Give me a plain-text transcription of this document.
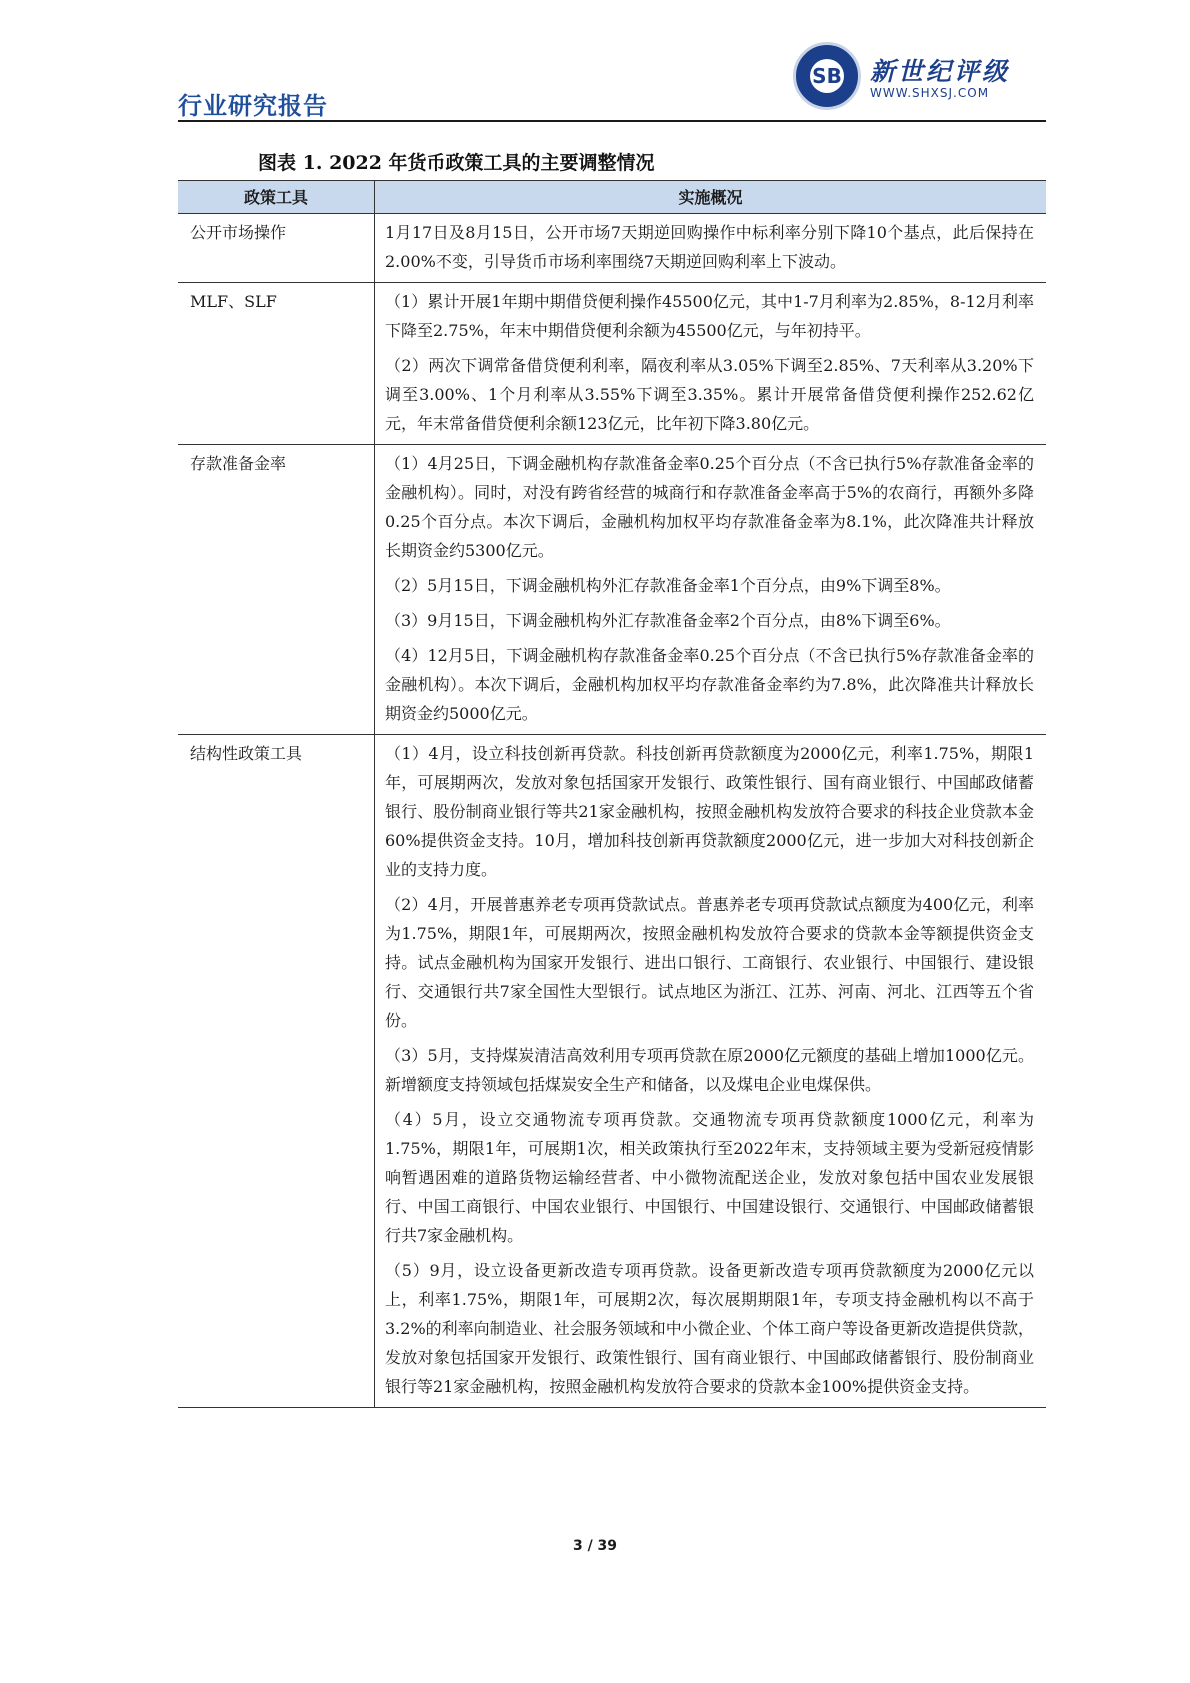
行业研究报告
SB 新世纪评级
WWW.SHXSJ.COM
图表 1. 2022 年货币政策工具的主要调整情况
政策工具	实施概况
公开市场操作	1月17日及8月15日，公开市场7天期逆回购操作中标利率分别下降10个基点，此后保持在2.00%不变，引导货币市场利率围绕7天期逆回购利率上下波动。

MLF、SLF	（1）累计开展1年期中期借贷便利操作45500亿元，其中1-7月利率为2.85%，8-12月利率下降至2.75%，年末中期借贷便利余额为45500亿元，与年初持平。

（2）两次下调常备借贷便利利率，隔夜利率从3.05%下调至2.85%、7天利率从3.20%下调至3.00%、1个月利率从3.55%下调至3.35%。累计开展常备借贷便利操作252.62亿元，年末常备借贷便利余额123亿元，比年初下降3.80亿元。

存款准备金率	（1）4月25日，下调金融机构存款准备金率0.25个百分点（不含已执行5%存款准备金率的金融机构）。同时，对没有跨省经营的城商行和存款准备金率高于5%的农商行，再额外多降0.25个百分点。本次下调后，金融机构加权平均存款准备金率为8.1%，此次降准共计释放长期资金约5300亿元。

（2）5月15日，下调金融机构外汇存款准备金率1个百分点，由9%下调至8%。

（3）9月15日，下调金融机构外汇存款准备金率2个百分点，由8%下调至6%。

（4）12月5日，下调金融机构存款准备金率0.25个百分点（不含已执行5%存款准备金率的金融机构）。本次下调后，金融机构加权平均存款准备金率约为7.8%，此次降准共计释放长期资金约5000亿元。

结构性政策工具	（1）4月，设立科技创新再贷款。科技创新再贷款额度为2000亿元，利率1.75%，期限1年，可展期两次，发放对象包括国家开发银行、政策性银行、国有商业银行、中国邮政储蓄银行、股份制商业银行等共21家金融机构，按照金融机构发放符合要求的科技企业贷款本金60%提供资金支持。10月，增加科技创新再贷款额度2000亿元，进一步加大对科技创新企业的支持力度。

（2）4月，开展普惠养老专项再贷款试点。普惠养老专项再贷款试点额度为400亿元，利率为1.75%，期限1年，可展期两次，按照金融机构发放符合要求的贷款本金等额提供资金支持。试点金融机构为国家开发银行、进出口银行、工商银行、农业银行、中国银行、建设银行、交通银行共7家全国性大型银行。试点地区为浙江、江苏、河南、河北、江西等五个省份。

（3）5月，支持煤炭清洁高效利用专项再贷款在原2000亿元额度的基础上增加1000亿元。新增额度支持领域包括煤炭安全生产和储备，以及煤电企业电煤保供。

（4）5月，设立交通物流专项再贷款。交通物流专项再贷款额度1000亿元，利率为1.75%，期限1年，可展期1次，相关政策执行至2022年末，支持领域主要为受新冠疫情影响暂遇困难的道路货物运输经营者、中小微物流配送企业，发放对象包括中国农业发展银行、中国工商银行、中国农业银行、中国银行、中国建设银行、交通银行、中国邮政储蓄银行共7家金融机构。

（5）9月，设立设备更新改造专项再贷款。设备更新改造专项再贷款额度为2000亿元以上，利率1.75%，期限1年，可展期2次，每次展期期限1年，专项支持金融机构以不高于3.2%的利率向制造业、社会服务领域和中小微企业、个体工商户等设备更新改造提供贷款，发放对象包括国家开发银行、政策性银行、国有商业银行、中国邮政储蓄银行、股份制商业银行等21家金融机构，按照金融机构发放符合要求的贷款本金100%提供资金支持。

3 / 39
